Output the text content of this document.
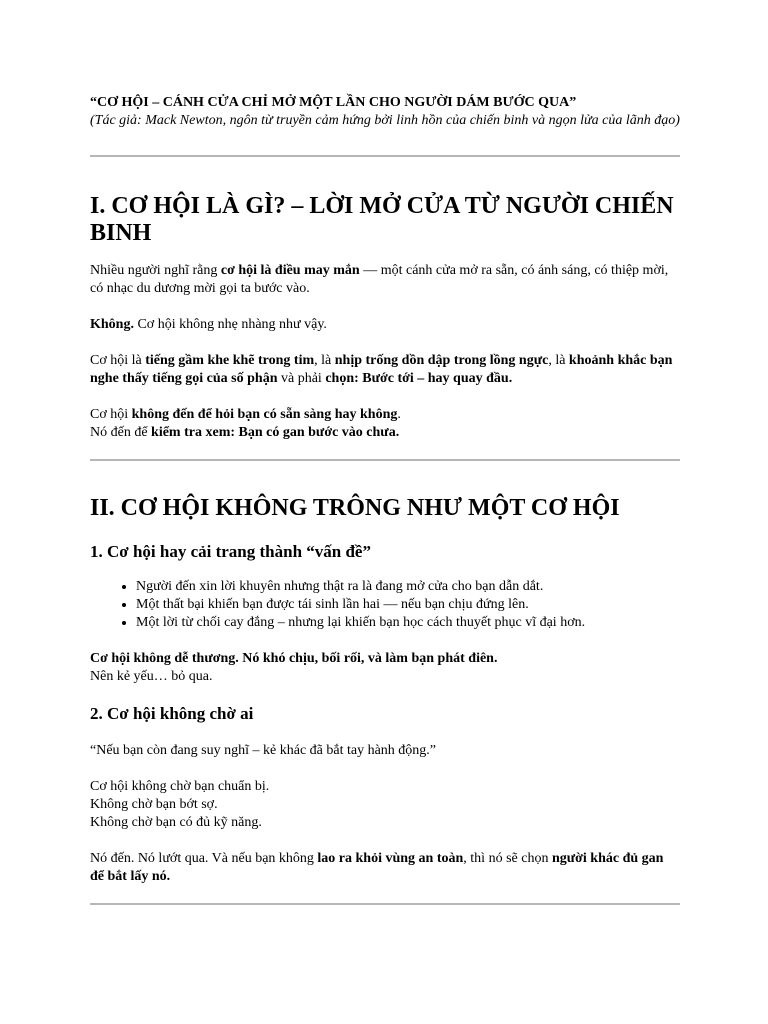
“CƠ HỘI – CÁNH CỬA CHỈ MỞ MỘT LẦN CHO NGƯỜI DÁM BƯỚC QUA”
(Tác giả: Mack Newton, ngôn từ truyền cảm hứng bởi linh hồn của chiến binh và ngọn lửa của lãnh đạo)
I. CƠ HỘI LÀ GÌ? – LỜI MỞ CỬA TỪ NGƯỜI CHIẾN BINH

Nhiều người nghĩ rằng cơ hội là điều may mắn — một cánh cửa mở ra sẵn, có ánh sáng, có thiệp mời, có nhạc du dương mời gọi ta bước vào.

Không. Cơ hội không nhẹ nhàng như vậy.

Cơ hội là tiếng gầm khe khẽ trong tim, là nhịp trống dồn dập trong lồng ngực, là khoảnh khắc bạn nghe thấy tiếng gọi của số phận và phải chọn: Bước tới – hay quay đầu.

Cơ hội không đến để hỏi bạn có sẵn sàng hay không.
Nó đến để kiểm tra xem: Bạn có gan bước vào chưa.

II. CƠ HỘI KHÔNG TRÔNG NHƯ MỘT CƠ HỘI
1. Cơ hội hay cải trang thành “vấn đề”
• Người đến xin lời khuyên nhưng thật ra là đang mở cửa cho bạn dẫn dắt.
• Một thất bại khiến bạn được tái sinh lần hai — nếu bạn chịu đứng lên.
• Một lời từ chối cay đắng – nhưng lại khiến bạn học cách thuyết phục vĩ đại hơn.

Cơ hội không dễ thương. Nó khó chịu, bối rối, và làm bạn phát điên.
Nên kẻ yếu… bỏ qua.

2. Cơ hội không chờ ai

“Nếu bạn còn đang suy nghĩ – kẻ khác đã bắt tay hành động.”

Cơ hội không chờ bạn chuẩn bị.
Không chờ bạn bớt sợ.
Không chờ bạn có đủ kỹ năng.

Nó đến. Nó lướt qua. Và nếu bạn không lao ra khỏi vùng an toàn, thì nó sẽ chọn người khác đủ gan để bắt lấy nó.
